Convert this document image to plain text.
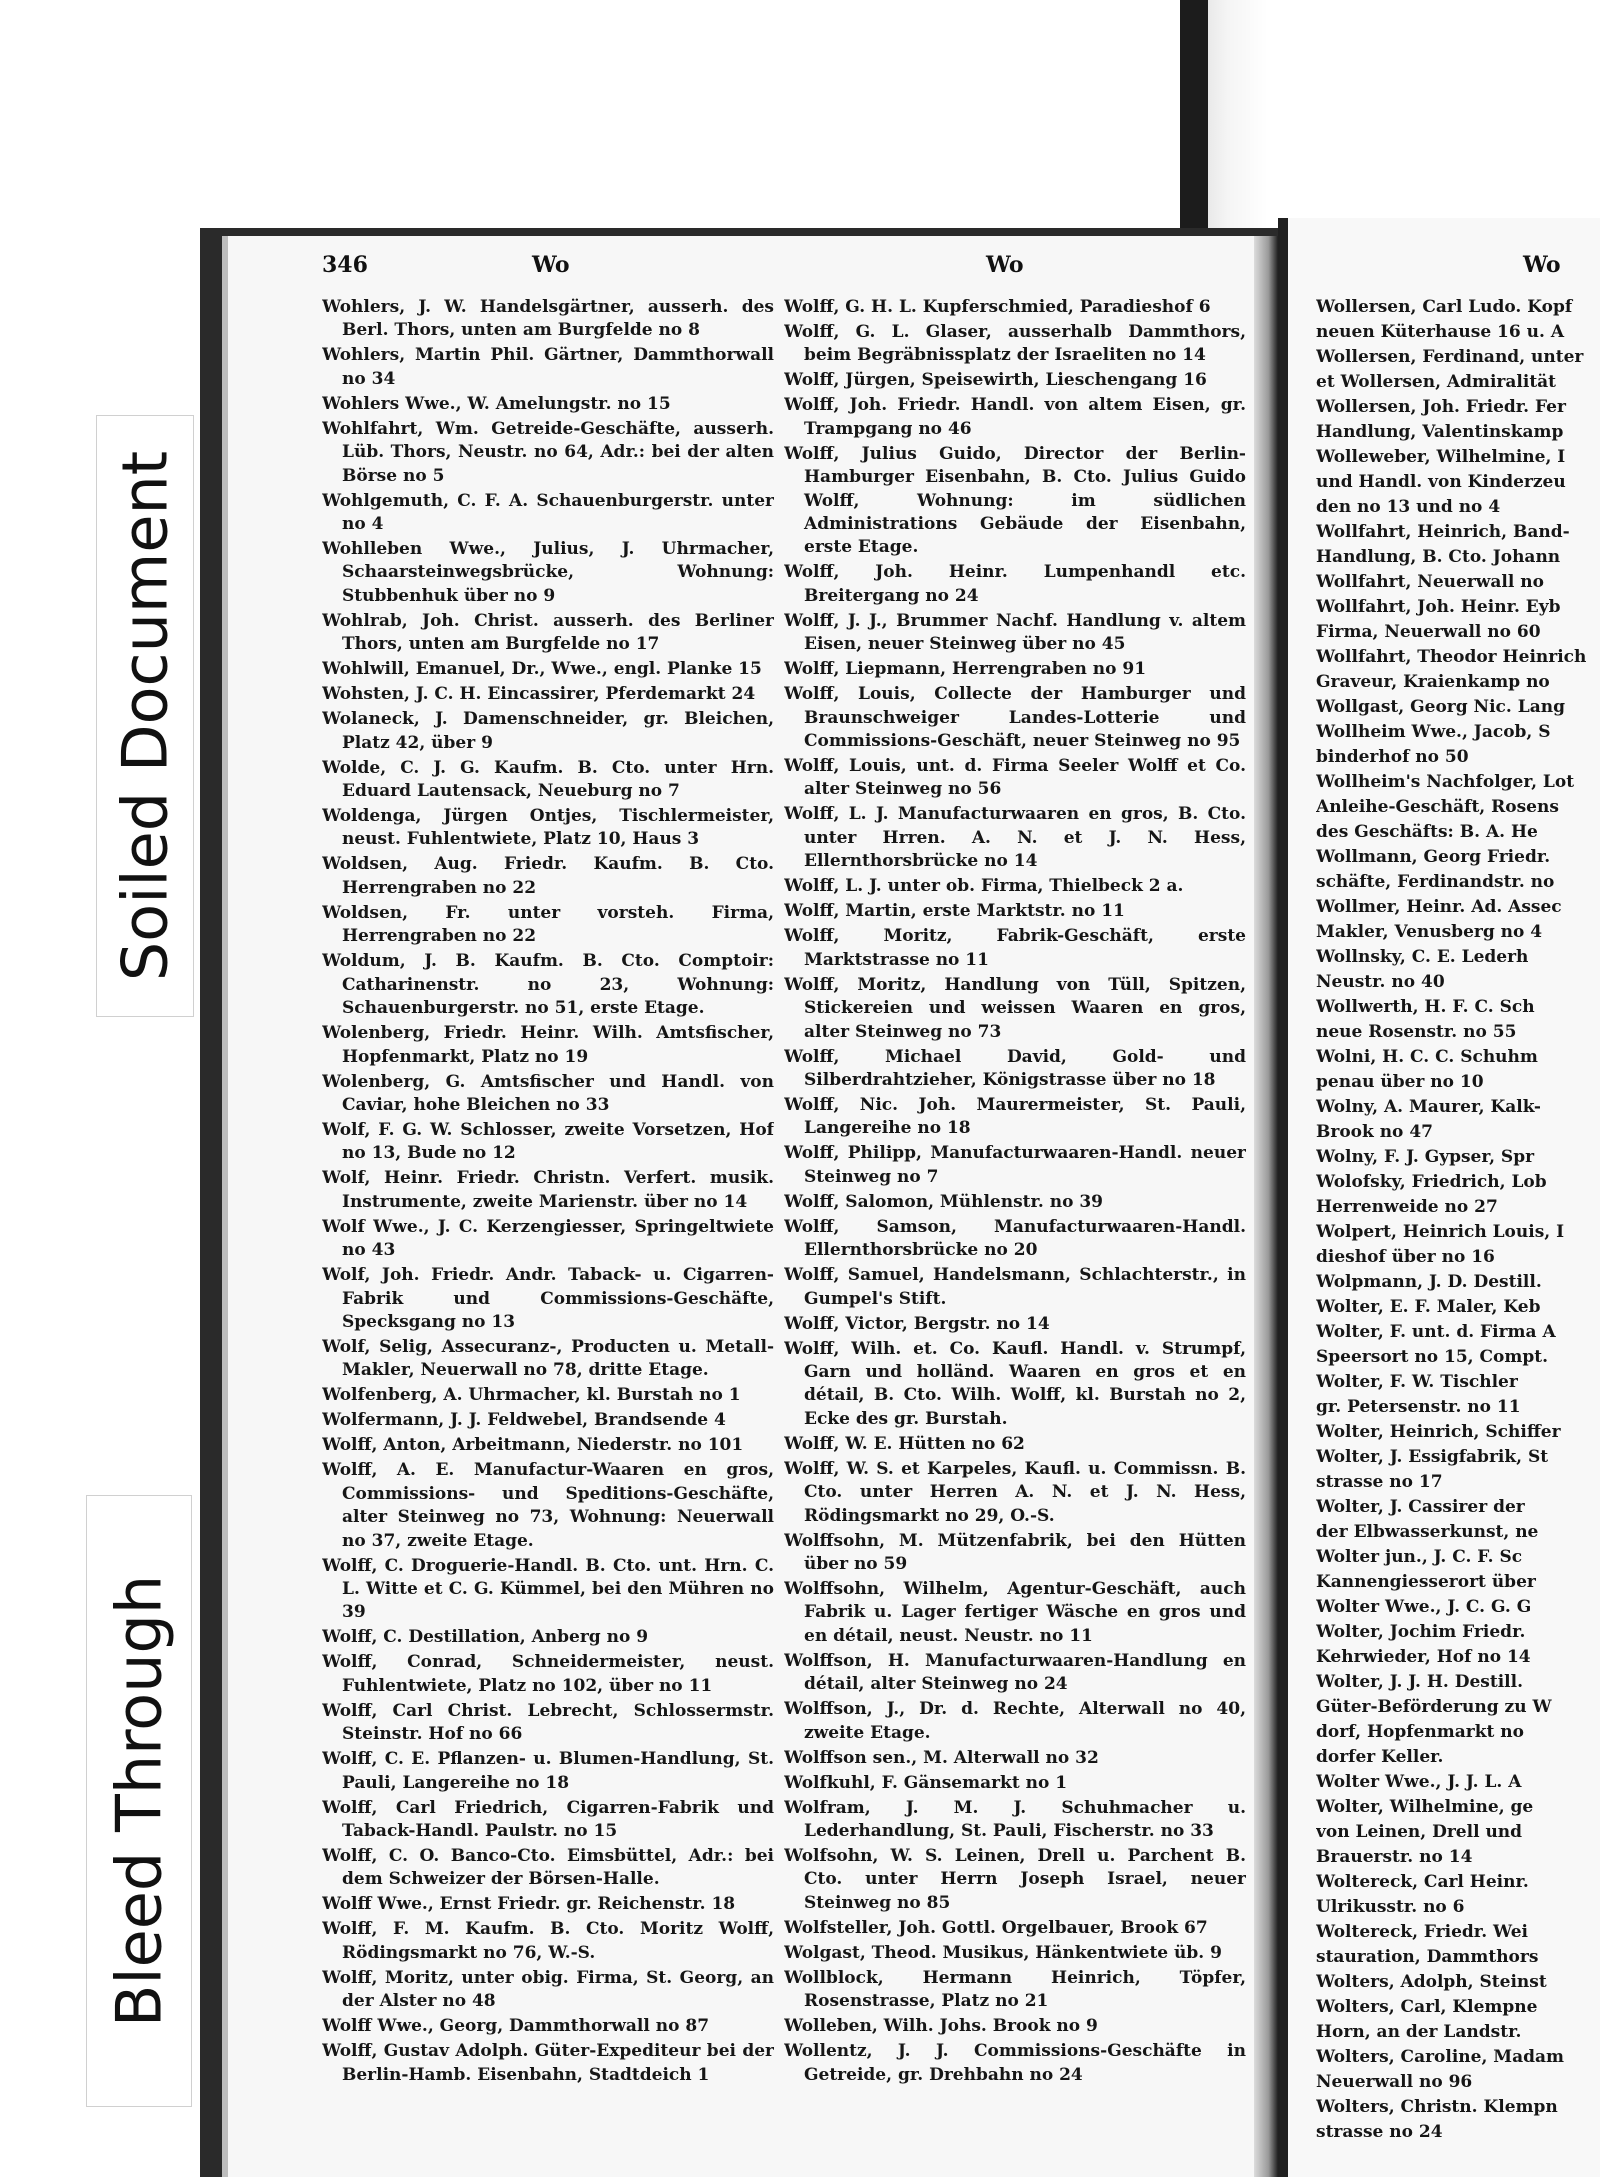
346	Wo	Wo	Wo
Wohlers, J. W. Handelsgärtner, ausserh. des Berl. Thors, unten am Burgfelde no 8
Wohlers, Martin Phil. Gärtner, Dammthorwall no 34
Wohlers Wwe., W. Amelungstr. no 15
Wohlfahrt, Wm. Getreide-Geschäfte, ausserh. Lüb. Thors, Neustr. no 64, Adr.: bei der alten Börse no 5
Wohlgemuth, C. F. A. Schauenburgerstr. unter no 4
Wohlleben Wwe., Julius, J. Uhrmacher, Schaarsteinwegsbrücke, Wohnung: Stubbenhuk über no 9
Wohlrab, Joh. Christ. ausserh. des Berliner Thors, unten am Burgfelde no 17
Wohlwill, Emanuel, Dr., Wwe., engl. Planke 15
Wohsten, J. C. H. Eincassirer, Pferdemarkt 24
Wolaneck, J. Damenschneider, gr. Bleichen, Platz 42, über 9
Wolde, C. J. G. Kaufm. B. Cto. unter Hrn. Eduard Lautensack, Neueburg no 7
Woldenga, Jürgen Ontjes, Tischlermeister, neust. Fuhlentwiete, Platz 10, Haus 3
Woldsen, Aug. Friedr. Kaufm. B. Cto. Herrengraben no 22
Woldsen, Fr. unter vorsteh. Firma, Herrengraben no 22
Woldum, J. B. Kaufm. B. Cto. Comptoir: Catharinenstr. no 23, Wohnung: Schauenburgerstr. no 51, erste Etage.
Wolenberg, Friedr. Heinr. Wilh. Amtsfischer, Hopfenmarkt, Platz no 19
Wolenberg, G. Amtsfischer und Handl. von Caviar, hohe Bleichen no 33
Wolf, F. G. W. Schlosser, zweite Vorsetzen, Hof no 13, Bude no 12
Wolf, Heinr. Friedr. Christn. Verfert. musik. Instrumente, zweite Marienstr. über no 14
Wolf Wwe., J. C. Kerzengiesser, Springeltwiete no 43
Wolf, Joh. Friedr. Andr. Taback- u. Cigarren-Fabrik und Commissions-Geschäfte, Specksgang no 13
Wolf, Selig, Assecuranz-, Producten u. Metall-Makler, Neuerwall no 78, dritte Etage.
Wolfenberg, A. Uhrmacher, kl. Burstah no 1
Wolfermann, J. J. Feldwebel, Brandsende 4
Wolff, Anton, Arbeitmann, Niederstr. no 101
Wolff, A. E. Manufactur-Waaren en gros, Commissions- und Speditions-Geschäfte, alter Steinweg no 73, Wohnung: Neuerwall no 37, zweite Etage.
Wolff, C. Droguerie-Handl. B. Cto. unt. Hrn. C. L. Witte et C. G. Kümmel, bei den Mühren no 39
Wolff, C. Destillation, Anberg no 9
Wolff, Conrad, Schneidermeister, neust. Fuhlentwiete, Platz no 102, über no 11
Wolff, Carl Christ. Lebrecht, Schlossermstr. Steinstr. Hof no 66
Wolff, C. E. Pflanzen- u. Blumen-Handlung, St. Pauli, Langereihe no 18
Wolff, Carl Friedrich, Cigarren-Fabrik und Taback-Handl. Paulstr. no 15
Wolff, C. O. Banco-Cto. Eimsbüttel, Adr.: bei dem Schweizer der Börsen-Halle.
Wolff Wwe., Ernst Friedr. gr. Reichenstr. 18
Wolff, F. M. Kaufm. B. Cto. Moritz Wolff, Rödingsmarkt no 76, W.-S.
Wolff, Moritz, unter obig. Firma, St. Georg, an der Alster no 48
Wolff Wwe., Georg, Dammthorwall no 87
Wolff, Gustav Adolph. Güter-Expediteur bei der Berlin-Hamb. Eisenbahn, Stadtdeich 1
Wolff, G. H. L. Kupferschmied, Paradieshof 6
Wolff, G. L. Glaser, ausserhalb Dammthors, beim Begräbnissplatz der Israeliten no 14
Wolff, Jürgen, Speisewirth, Lieschengang 16
Wolff, Joh. Friedr. Handl. von altem Eisen, gr. Trampgang no 46
Wolff, Julius Guido, Director der Berlin-Hamburger Eisenbahn, B. Cto. Julius Guido Wolff, Wohnung: im südlichen Administrations Gebäude der Eisenbahn, erste Etage.
Wolff, Joh. Heinr. Lumpenhandl etc. Breitergang no 24
Wolff, J. J., Brummer Nachf. Handlung v. altem Eisen, neuer Steinweg über no 45
Wolff, Liepmann, Herrengraben no 91
Wolff, Louis, Collecte der Hamburger und Braunschweiger Landes-Lotterie und Commissions-Geschäft, neuer Steinweg no 95
Wolff, Louis, unt. d. Firma Seeler Wolff et Co. alter Steinweg no 56
Wolff, L. J. Manufacturwaaren en gros, B. Cto. unter Hrren. A. N. et J. N. Hess, Ellernthorsbrücke no 14
Wolff, L. J. unter ob. Firma, Thielbeck 2 a.
Wolff, Martin, erste Marktstr. no 11
Wolff, Moritz, Fabrik-Geschäft, erste Marktstrasse no 11
Wolff, Moritz, Handlung von Tüll, Spitzen, Stickereien und weissen Waaren en gros, alter Steinweg no 73
Wolff, Michael David, Gold- und Silberdrahtzieher, Königstrasse über no 18
Wolff, Nic. Joh. Maurermeister, St. Pauli, Langereihe no 18
Wolff, Philipp, Manufacturwaaren-Handl. neuer Steinweg no 7
Wolff, Salomon, Mühlenstr. no 39
Wolff, Samson, Manufacturwaaren-Handl. Ellernthorsbrücke no 20
Wolff, Samuel, Handelsmann, Schlachterstr., in Gumpel's Stift.
Wolff, Victor, Bergstr. no 14
Wolff, Wilh. et. Co. Kaufl. Handl. v. Strumpf, Garn und holländ. Waaren en gros et en détail, B. Cto. Wilh. Wolff, kl. Burstah no 2, Ecke des gr. Burstah.
Wolff, W. E. Hütten no 62
Wolff, W. S. et Karpeles, Kaufl. u. Commissn. B. Cto. unter Herren A. N. et J. N. Hess, Rödingsmarkt no 29, O.-S.
Wolffsohn, M. Mützenfabrik, bei den Hütten über no 59
Wolffsohn, Wilhelm, Agentur-Geschäft, auch Fabrik u. Lager fertiger Wäsche en gros und en détail, neust. Neustr. no 11
Wolffson, H. Manufacturwaaren-Handlung en détail, alter Steinweg no 24
Wolffson, J., Dr. d. Rechte, Alterwall no 40, zweite Etage.
Wolffson sen., M. Alterwall no 32
Wolfkuhl, F. Gänsemarkt no 1
Wolfram, J. M. J. Schuhmacher u. Lederhandlung, St. Pauli, Fischerstr. no 33
Wolfsohn, W. S. Leinen, Drell u. Parchent B. Cto. unter Herrn Joseph Israel, neuer Steinweg no 85
Wolfsteller, Joh. Gottl. Orgelbauer, Brook 67
Wolgast, Theod. Musikus, Hänkentwiete üb. 9
Wollblock, Hermann Heinrich, Töpfer, Rosenstrasse, Platz no 21
Wolleben, Wilh. Johs. Brook no 9
Wollentz, J. J. Commissions-Geschäfte in Getreide, gr. Drehbahn no 24
Wollersen, Carl Ludo. Kopf
neuen Küterhause 16 u. A
Wollersen, Ferdinand, unter
et Wollersen, Admiralität
Wollersen, Joh. Friedr. Fer
Handlung, Valentinskamp
Wolleweber, Wilhelmine, I
und Handl. von Kinderzeu
den no 13 und no 4
Wollfahrt, Heinrich, Band-
Handlung, B. Cto. Johann
Wollfahrt, Neuerwall no
Wollfahrt, Joh. Heinr. Eyb
Firma, Neuerwall no 60
Wollfahrt, Theodor Heinrich
Graveur, Kraienkamp no
Wollgast, Georg Nic. Lang
Wollheim Wwe., Jacob, S
binderhof no 50
Wollheim's Nachfolger, Lot
Anleihe-Geschäft, Rosens
des Geschäfts: B. A. He
Wollmann, Georg Friedr.
schäfte, Ferdinandstr. no
Wollmer, Heinr. Ad. Assec
Makler, Venusberg no 4
Wollnsky, C. E. Lederh
Neustr. no 40
Wollwerth, H. F. C. Sch
neue Rosenstr. no 55
Wolni, H. C. C. Schuhm
penau über no 10
Wolny, A. Maurer, Kalk-
Brook no 47
Wolny, F. J. Gypser, Spr
Wolofsky, Friedrich, Lob
Herrenweide no 27
Wolpert, Heinrich Louis, I
dieshof über no 16
Wolpmann, J. D. Destill.
Wolter, E. F. Maler, Keb
Wolter, F. unt. d. Firma A
Speersort no 15, Compt.
Wolter, F. W. Tischler
gr. Petersenstr. no 11
Wolter, Heinrich, Schiffer
Wolter, J. Essigfabrik, St
strasse no 17
Wolter, J. Cassirer der
der Elbwasserkunst, ne
Wolter jun., J. C. F. Sc
Kannengiesserort über
Wolter Wwe., J. C. G. G
Wolter, Jochim Friedr.
Kehrwieder, Hof no 14
Wolter, J. J. H. Destill.
Güter-Beförderung zu W
dorf, Hopfenmarkt no
dorfer Keller.
Wolter Wwe., J. J. L. A
Wolter, Wilhelmine, ge
von Leinen, Drell und
Brauerstr. no 14
Woltereck, Carl Heinr.
Ulrikusstr. no 6
Woltereck, Friedr. Wei
stauration, Dammthors
Wolters, Adolph, Steinst
Wolters, Carl, Klempne
Horn, an der Landstr.
Wolters, Caroline, Madam
Neuerwall no 96
Wolters, Christn. Klempn
strasse no 24
Soiled Document
Bleed Through
